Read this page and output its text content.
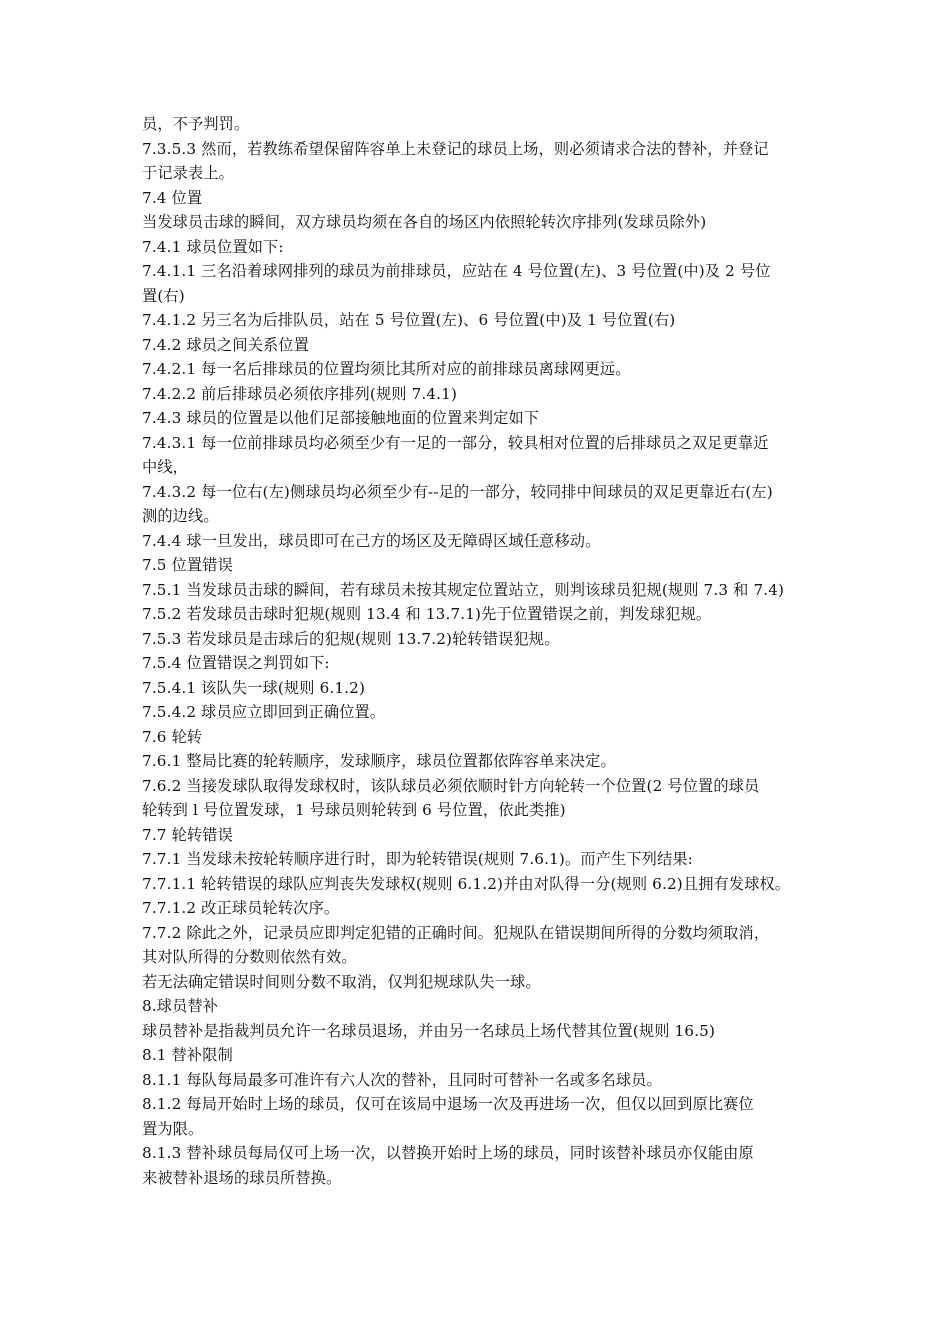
员，不予判罚。
7.3.5.3 然而，若教练希望保留阵容单上未登记的球员上场，则必须请求合法的替补，并登记
于记录表上。
7.4 位置
当发球员击球的瞬间，双方球员均须在各自的场区内依照轮转次序排列(发球员除外)
7.4.1 球员位置如下:
7.4.1.1 三名沿着球网排列的球员为前排球员，应站在 4 号位置(左)、3 号位置(中)及 2 号位
置(右)
7.4.1.2 另三名为后排队员，站在 5 号位置(左)、6 号位置(中)及 1 号位置(右)
7.4.2 球员之间关系位置
7.4.2.1 每一名后排球员的位置均须比其所对应的前排球员离球网更远。
7.4.2.2 前后排球员必须依序排列(规则 7.4.1)
7.4.3 球员的位置是以他们足部接触地面的位置来判定如下
7.4.3.1 每一位前排球员均必须至少有一足的一部分，较具相对位置的后排球员之双足更靠近
中线，
7.4.3.2 每一位右(左)侧球员均必须至少有--足的一部分，较同排中间球员的双足更靠近右(左)
测的边线。
7.4.4 球一旦发出，球员即可在己方的场区及无障碍区域任意移动。
7.5 位置错误
7.5.1 当发球员击球的瞬间，若有球员未按其规定位置站立，则判该球员犯规(规则 7.3 和 7.4)
7.5.2 若发球员击球时犯规(规则 13.4 和 13.7.1)先于位置错误之前，判发球犯规。
7.5.3 若发球员是击球后的犯规(规则 13.7.2)轮转错误犯规。
7.5.4 位置错误之判罚如下:
7.5.4.1 该队失一球(规则 6.1.2)
7.5.4.2 球员应立即回到正确位置。
7.6 轮转
7.6.1 整局比赛的轮转顺序，发球顺序，球员位置都依阵容单来决定。
7.6.2 当接发球队取得发球权时，该队球员必须依顺时针方向轮转一个位置(2 号位置的球员
轮转到 l 号位置发球，1 号球员则轮转到 6 号位置，依此类推)
7.7 轮转错误
7.7.1 当发球未按轮转顺序进行时，即为轮转错误(规则 7.6.1)。而产生下列结果:
7.7.1.1 轮转错误的球队应判丧失发球权(规则 6.1.2)并由对队得一分(规则 6.2)且拥有发球权。
7.7.1.2 改正球员轮转次序。
7.7.2 除此之外，记录员应即判定犯错的正确时间。犯规队在错误期间所得的分数均须取消，
其对队所得的分数则依然有效。
若无法确定错误时间则分数不取消，仅判犯规球队失一球。
8.球员替补
球员替补是指裁判员允许一名球员退场，并由另一名球员上场代替其位置(规则 16.5)
8.1 替补限制
8.1.1 每队每局最多可准许有六人次的替补，且同时可替补一名或多名球员。
8.1.2 每局开始时上场的球员，仅可在该局中退场一次及再进场一次，但仅以回到原比赛位
置为限。
8.1.3 替补球员每局仅可上场一次，以替换开始时上场的球员，同时该替补球员亦仅能由原
来被替补退场的球员所替换。
